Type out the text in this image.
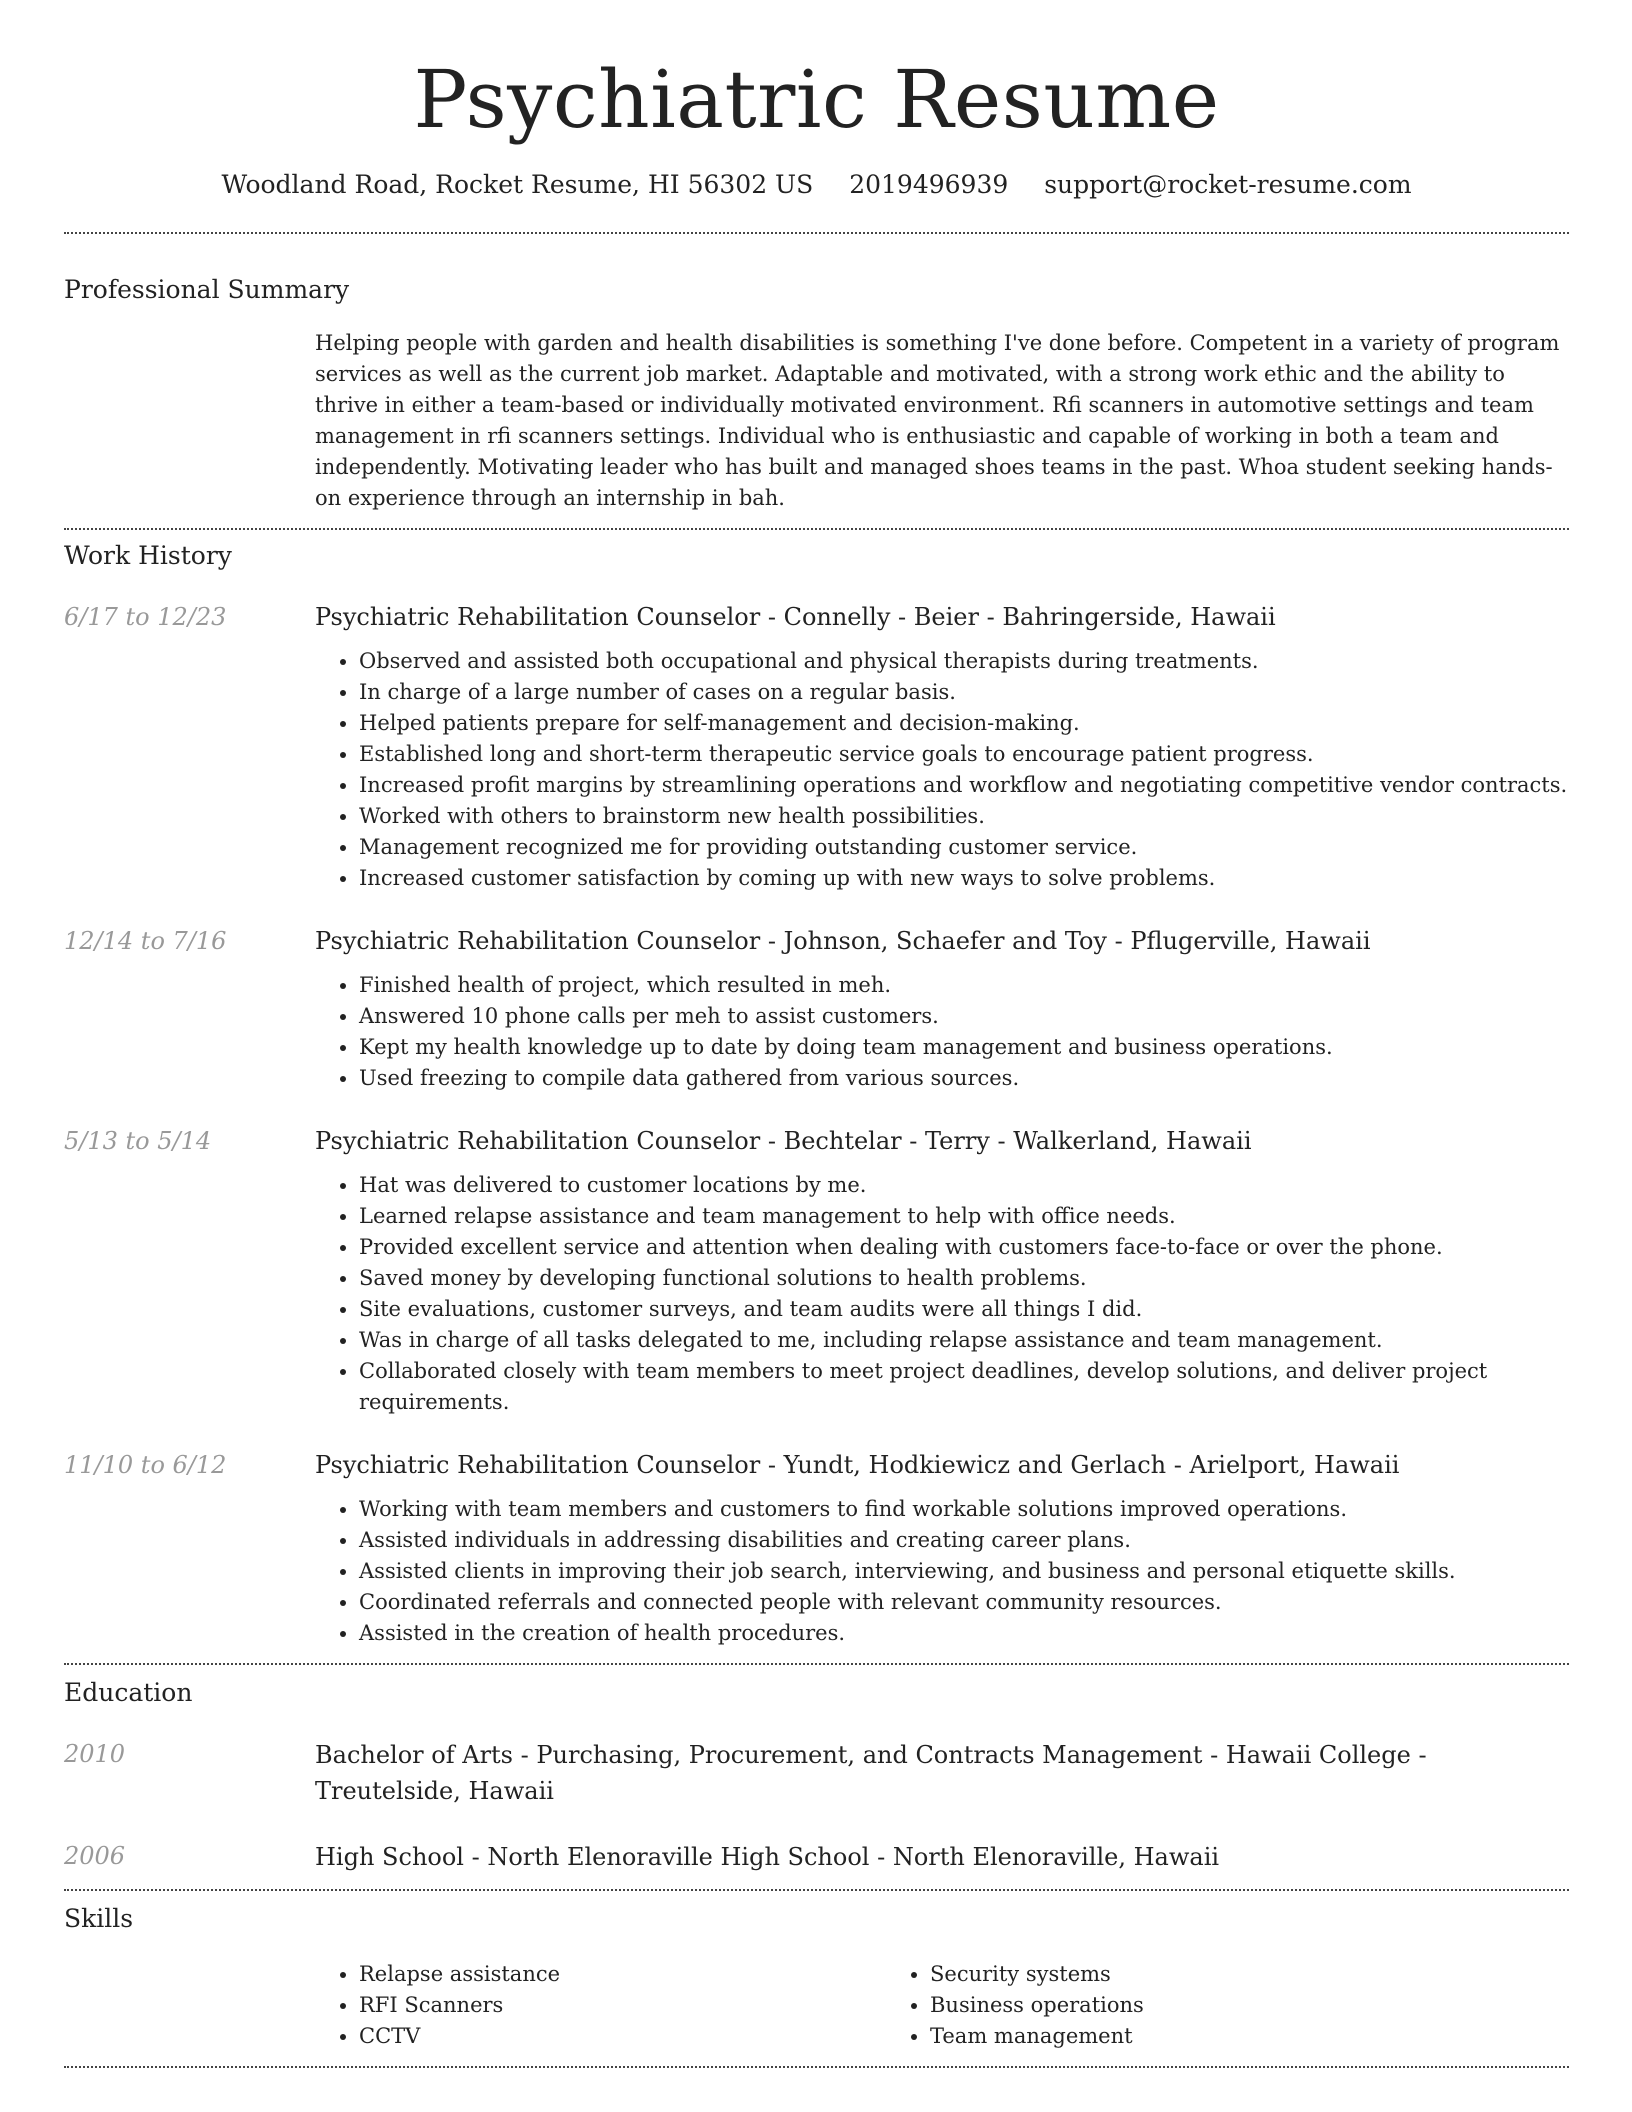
Psychiatric Resume
Woodland Road, Rocket Resume, HI 56302 US 2019496939 support@rocket-resume.com
Professional Summary
Helping people with garden and health disabilities is something I've done before. Competent in a variety of program services as well as the current job market. Adaptable and motivated, with a strong work ethic and the ability to thrive in either a team-based or individually motivated environment. Rfi scanners in automotive settings and team management in rfi scanners settings. Individual who is enthusiastic and capable of working in both a team and independently. Motivating leader who has built and managed shoes teams in the past. Whoa student seeking hands-on experience through an internship in bah.
Work History
6/17 to 12/23	Psychiatric Rehabilitation Counselor - Connelly - Beier - Bahringerside, Hawaii
• Observed and assisted both occupational and physical therapists during treatments.
• In charge of a large number of cases on a regular basis.
• Helped patients prepare for self-management and decision-making.
• Established long and short-term therapeutic service goals to encourage patient progress.
• Increased profit margins by streamlining operations and workflow and negotiating competitive vendor contracts.
• Worked with others to brainstorm new health possibilities.
• Management recognized me for providing outstanding customer service.
• Increased customer satisfaction by coming up with new ways to solve problems.
12/14 to 7/16	Psychiatric Rehabilitation Counselor - Johnson, Schaefer and Toy - Pflugerville, Hawaii
• Finished health of project, which resulted in meh.
• Answered 10 phone calls per meh to assist customers.
• Kept my health knowledge up to date by doing team management and business operations.
• Used freezing to compile data gathered from various sources.
5/13 to 5/14	Psychiatric Rehabilitation Counselor - Bechtelar - Terry - Walkerland, Hawaii
• Hat was delivered to customer locations by me.
• Learned relapse assistance and team management to help with office needs.
• Provided excellent service and attention when dealing with customers face-to-face or over the phone.
• Saved money by developing functional solutions to health problems.
• Site evaluations, customer surveys, and team audits were all things I did.
• Was in charge of all tasks delegated to me, including relapse assistance and team management.
• Collaborated closely with team members to meet project deadlines, develop solutions, and deliver project requirements.
11/10 to 6/12	Psychiatric Rehabilitation Counselor - Yundt, Hodkiewicz and Gerlach - Arielport, Hawaii
• Working with team members and customers to find workable solutions improved operations.
• Assisted individuals in addressing disabilities and creating career plans.
• Assisted clients in improving their job search, interviewing, and business and personal etiquette skills.
• Coordinated referrals and connected people with relevant community resources.
• Assisted in the creation of health procedures.
Education
2010	Bachelor of Arts - Purchasing, Procurement, and Contracts Management - Hawaii College - Treutelside, Hawaii
2006	High School - North Elenoraville High School - North Elenoraville, Hawaii
Skills
• Relapse assistance
• RFI Scanners
• CCTV
• Security systems
• Business operations
• Team management
